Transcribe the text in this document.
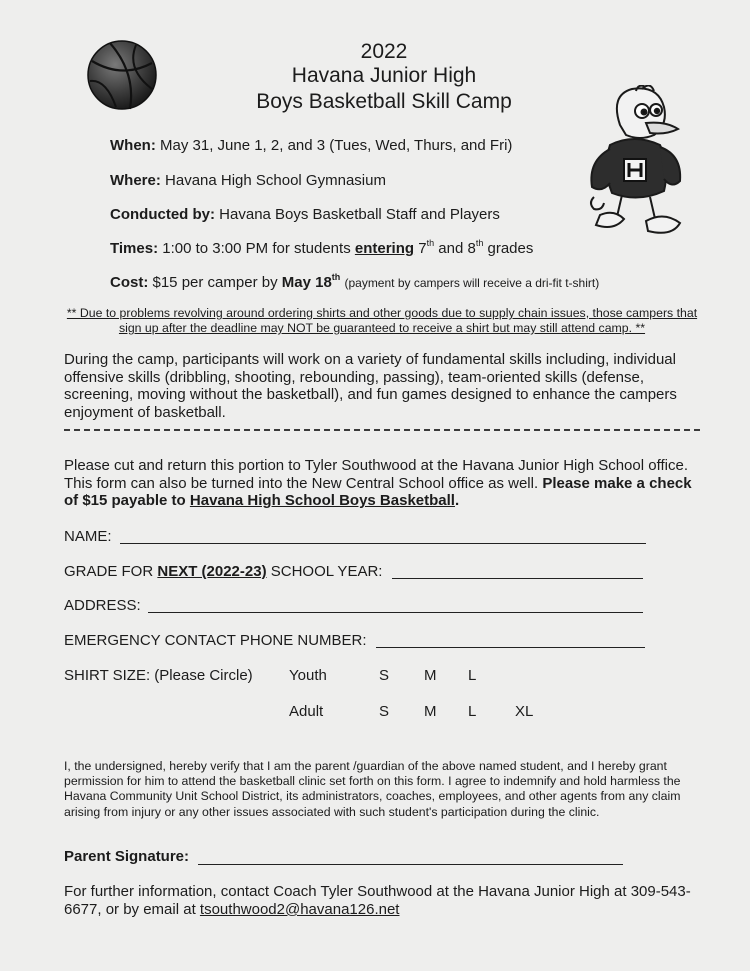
2022
Havana Junior High
Boys Basketball Skill Camp
When: May 31, June 1, 2, and 3 (Tues, Wed, Thurs, and Fri)
Where: Havana High School Gymnasium
Conducted by: Havana Boys Basketball Staff and Players
Times: 1:00 to 3:00 PM for students entering 7th and 8th grades
Cost: $15 per camper by May 18th (payment by campers will receive a dri-fit t-shirt)
** Due to problems revolving around ordering shirts and other goods due to supply chain issues, those campers that sign up after the deadline may NOT be guaranteed to receive a shirt but may still attend camp. **
During the camp, participants will work on a variety of fundamental skills including, individual offensive skills (dribbling, shooting, rebounding, passing), team-oriented skills (defense, screening, moving without the basketball), and fun games designed to enhance the campers enjoyment of basketball.
Please cut and return this portion to Tyler Southwood at the Havana Junior High School office. This form can also be turned into the New Central School office as well. Please make a check of $15 payable to Havana High School Boys Basketball.
NAME:
GRADE FOR NEXT (2022-23) SCHOOL YEAR:
ADDRESS:
EMERGENCY CONTACT PHONE NUMBER:
SHIRT SIZE: (Please Circle) Youth	S M L
Adult	S M L	XL
I, the undersigned, hereby verify that I am the parent /guardian of the above named student, and I hereby grant permission for him to attend the basketball clinic set forth on this form. I agree to indemnify and hold harmless the Havana Community Unit School District, its administrators, coaches, employees, and other agents from any claim arising from injury or any other issues associated with such student's participation during the clinic.
Parent Signature:
For further information, contact Coach Tyler Southwood at the Havana Junior High at 309-543-6677, or by email at tsouthwood2@havana126.net
